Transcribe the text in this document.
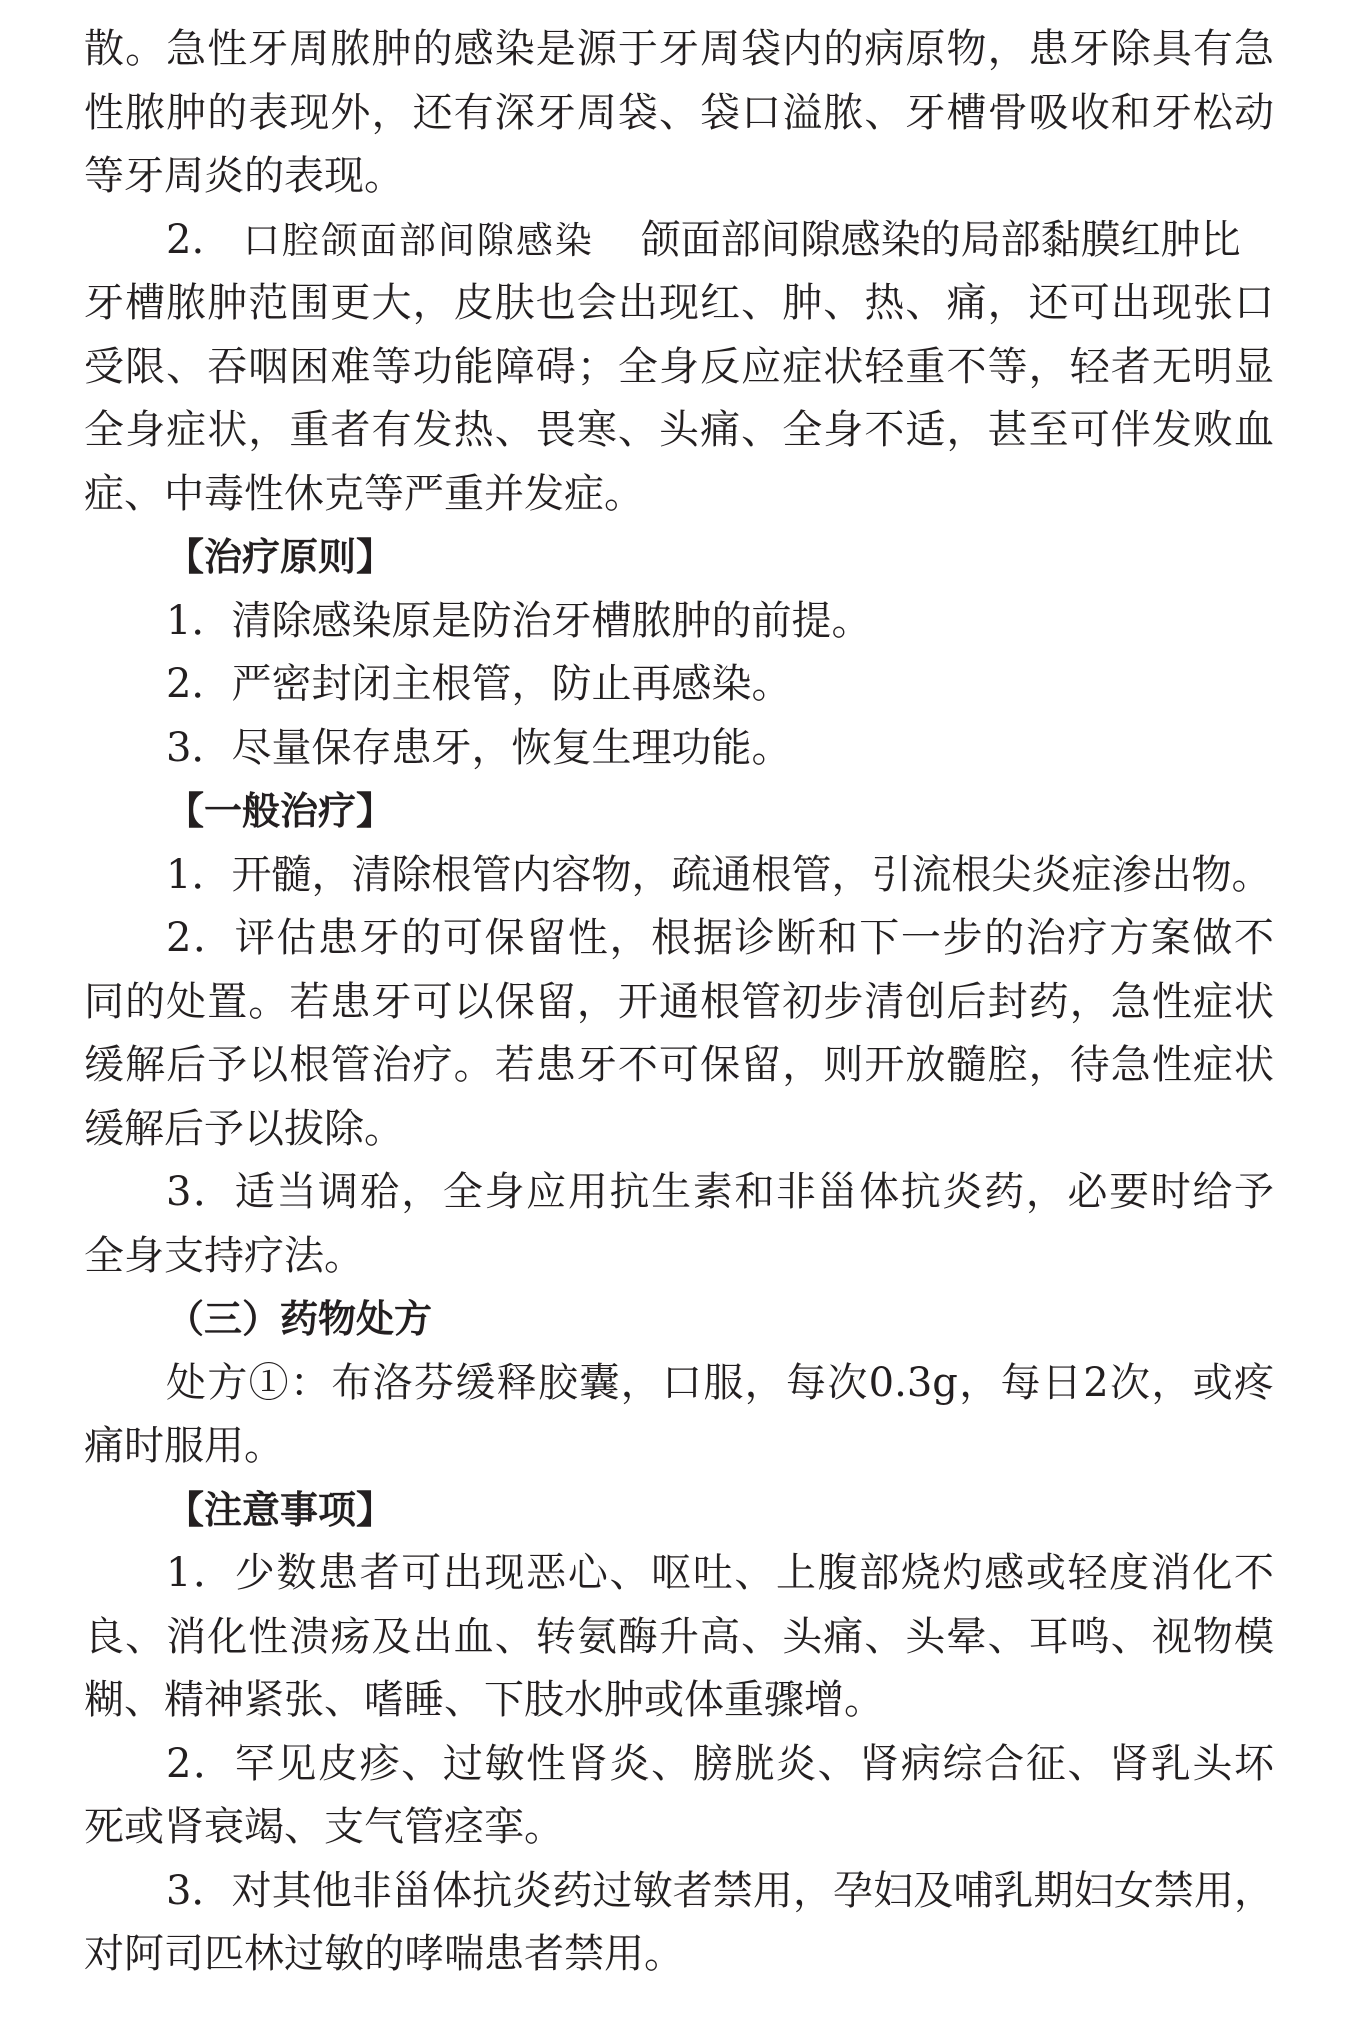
散。急性牙周脓肿的感染是源于牙周袋内的病原物，患牙除具有急
性脓肿的表现外，还有深牙周袋、袋口溢脓、牙槽骨吸收和牙松动
等牙周炎的表现。
2. 口腔颌面部间隙感染 颌面部间隙感染的局部黏膜红肿比
牙槽脓肿范围更大，皮肤也会出现红、肿、热、痛，还可出现张口
受限、吞咽困难等功能障碍；全身反应症状轻重不等，轻者无明显
全身症状，重者有发热、畏寒、头痛、全身不适，甚至可伴发败血
症、中毒性休克等严重并发症。
【治疗原则】
1．清除感染原是防治牙槽脓肿的前提。
2．严密封闭主根管，防止再感染。
3．尽量保存患牙，恢复生理功能。
【一般治疗】
1．开髓，清除根管内容物，疏通根管，引流根尖炎症渗出物。
2．评估患牙的可保留性，根据诊断和下一步的治疗方案做不
同的处置。若患牙可以保留，开通根管初步清创后封药，急性症状
缓解后予以根管治疗。若患牙不可保留，则开放髓腔，待急性症状
缓解后予以拔除。
3．适当调𬌗，全身应用抗生素和非甾体抗炎药，必要时给予
全身支持疗法。
（三）药物处方
处方①：布洛芬缓释胶囊，口服，每次0.3g，每日2次，或疼
痛时服用。
【注意事项】
1．少数患者可出现恶心、呕吐、上腹部烧灼感或轻度消化不
良、消化性溃疡及出血、转氨酶升高、头痛、头晕、耳鸣、视物模
糊、精神紧张、嗜睡、下肢水肿或体重骤增。
2．罕见皮疹、过敏性肾炎、膀胱炎、肾病综合征、肾乳头坏
死或肾衰竭、支气管痉挛。
3．对其他非甾体抗炎药过敏者禁用，孕妇及哺乳期妇女禁用，
对阿司匹林过敏的哮喘患者禁用。
